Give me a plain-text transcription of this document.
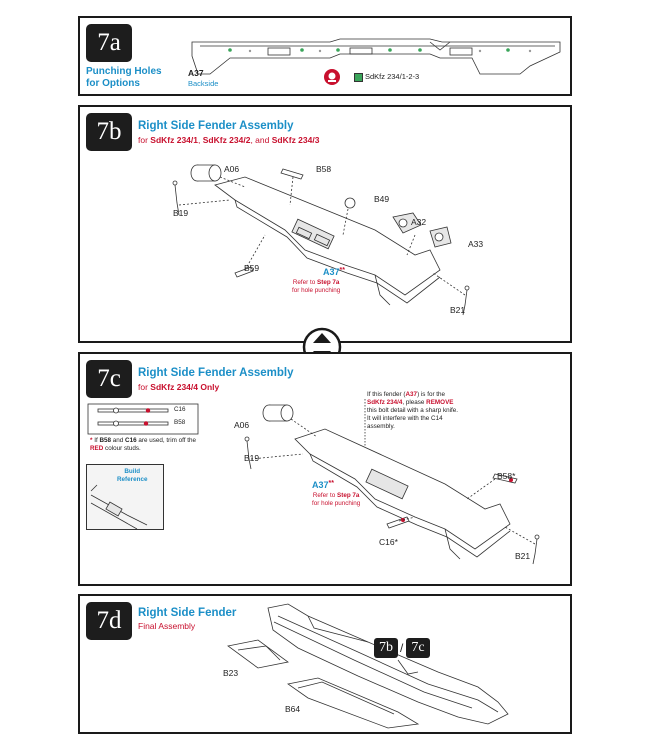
7a
Punching Holes
for Options
A37
Backside
SdKfz 234/1-2-3
7b	Right Side Fender Assembly
for SdKfz 234/1, SdKfz 234/2, and SdKfz 234/3
A06	B58
B19
B49
A32
A33
B59
B21
A37**
Refer to Step 7a
for hole punching
7c	Right Side Fender Assembly
for SdKfz 234/4 Only
C16
B58
* If B58 and C16 are used, trim off the
RED colour studs.
Build
Reference
If this fender (A37) is for the
SdKfz 234/4, please REMOVE
this bolt detail with a sharp knife.
It will interfere with the C14
assembly.
A06
B19
B58*
C16*
B21
A37**
Refer to Step 7a
for hole punching
7d	Right Side Fender
Final Assembly
7b / 7c
B23
B64
